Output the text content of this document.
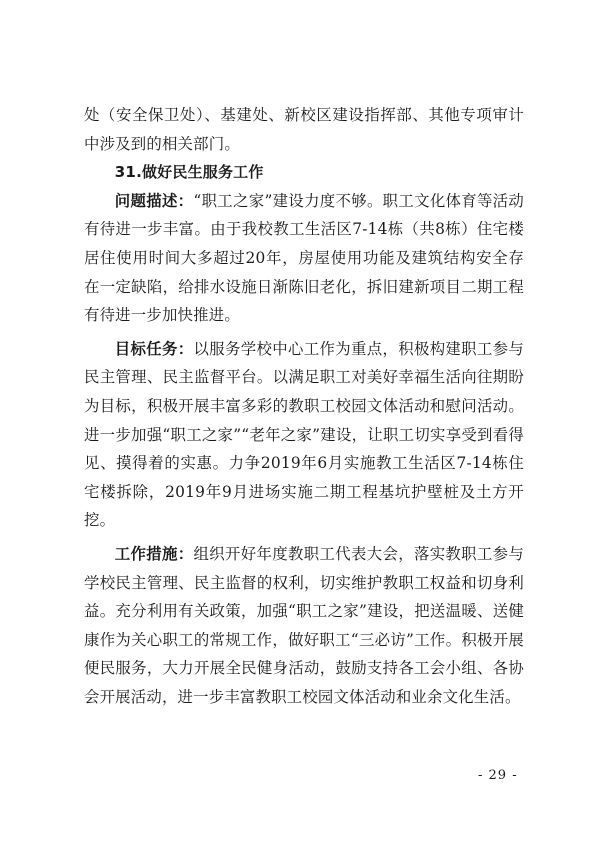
处（安全保卫处）、基建处、新校区建设指挥部、其他专项审计中涉及到的相关部门。

31.做好民生服务工作

问题描述：“职工之家”建设力度不够。职工文化体育等活动有待进一步丰富。由于我校教工生活区7-14栋（共8栋）住宅楼居住使用时间大多超过20年，房屋使用功能及建筑结构安全存在一定缺陷，给排水设施日渐陈旧老化，拆旧建新项目二期工程有待进一步加快推进。

目标任务：以服务学校中心工作为重点，积极构建职工参与民主管理、民主监督平台。以满足职工对美好幸福生活向往期盼为目标，积极开展丰富多彩的教职工校园文体活动和慰问活动。进一步加强“职工之家”“老年之家”建设，让职工切实享受到看得见、摸得着的实惠。力争2019年6月实施教工生活区7-14栋住宅楼拆除，2019年9月进场实施二期工程基坑护壁桩及土方开挖。

工作措施：组织开好年度教职工代表大会，落实教职工参与学校民主管理、民主监督的权利，切实维护教职工权益和切身利益。充分利用有关政策，加强“职工之家”建设，把送温暖、送健康作为关心职工的常规工作，做好职工“三必访”工作。积极开展便民服务，大力开展全民健身活动，鼓励支持各工会小组、各协会开展活动，进一步丰富教职工校园文体活动和业余文化生活。

- 29 -
